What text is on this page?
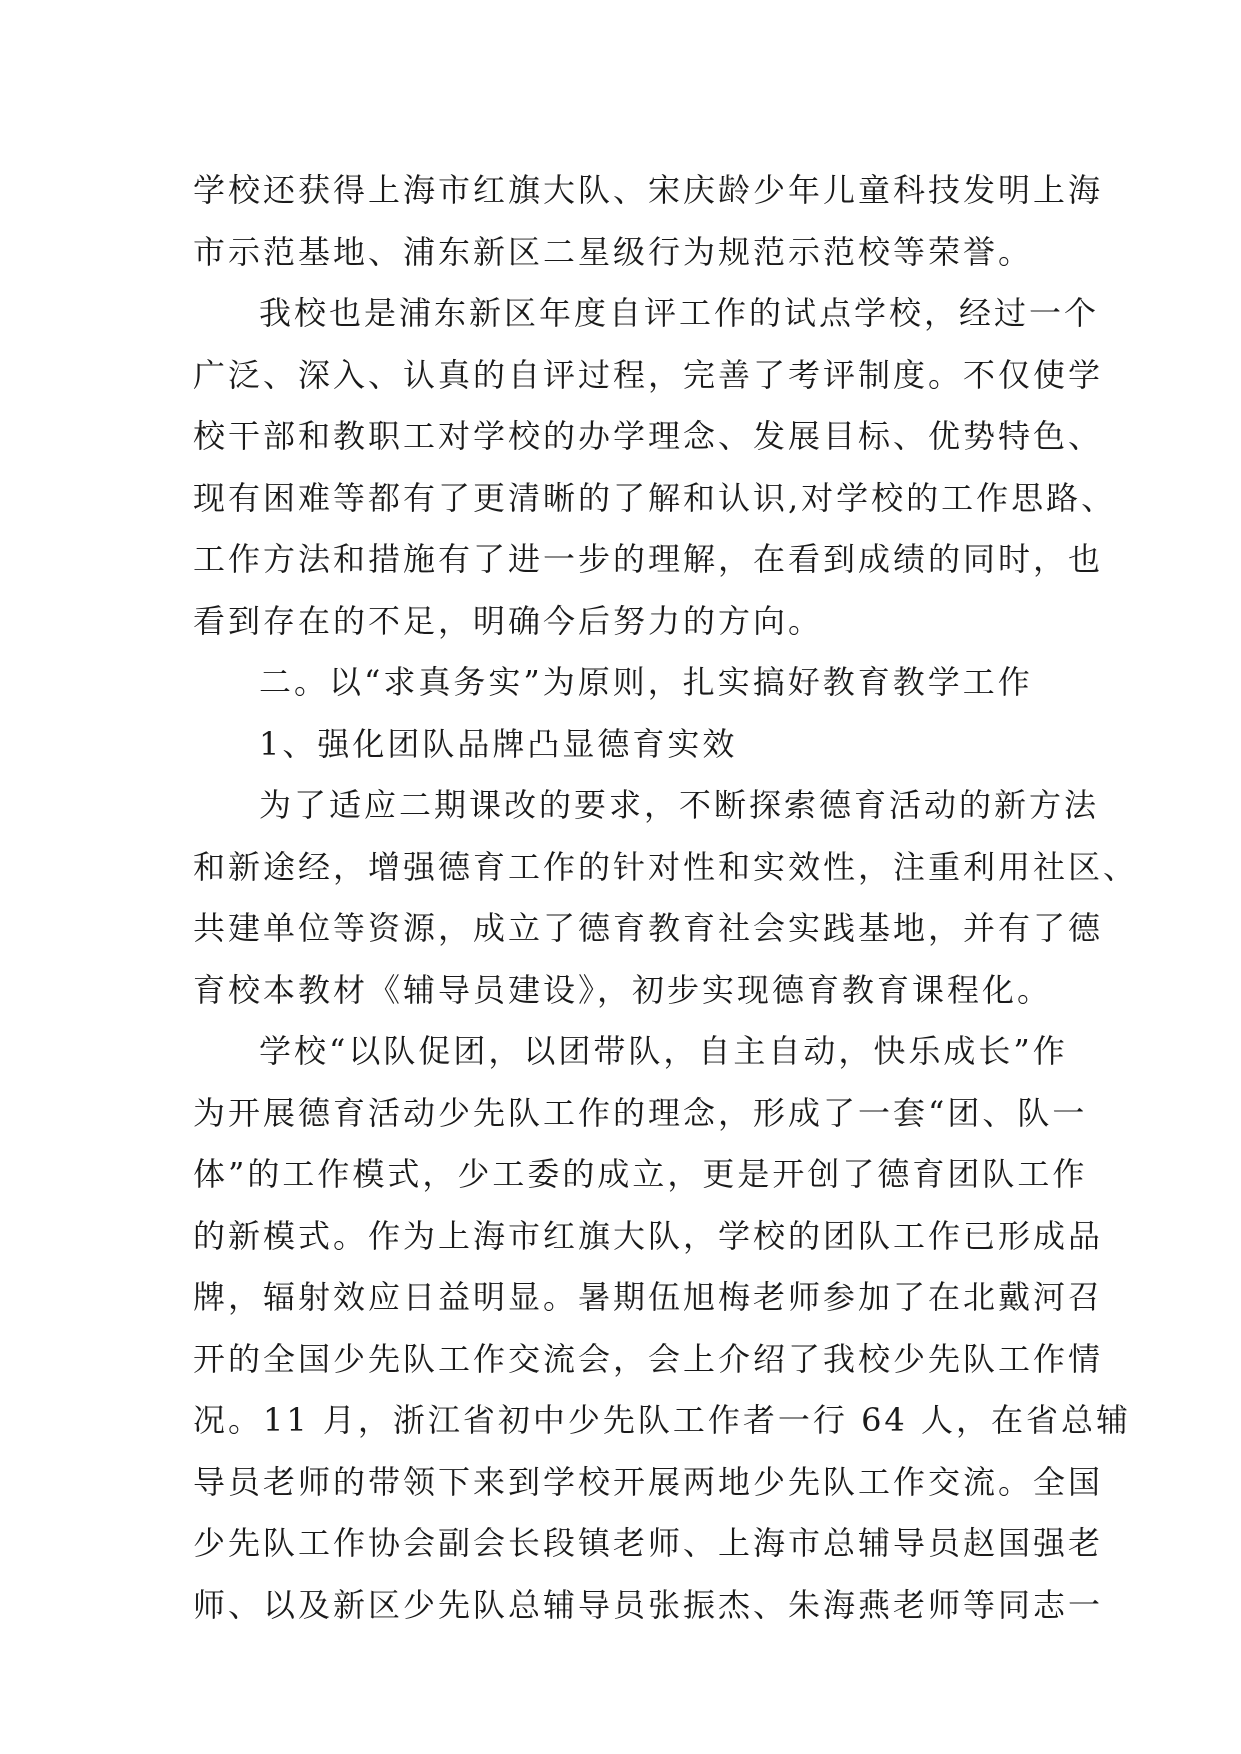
学校还获得上海市红旗大队、宋庆龄少年儿童科技发明上海
市示范基地、浦东新区二星级行为规范示范校等荣誉。
我校也是浦东新区年度自评工作的试点学校，经过一个
广泛、深入、认真的自评过程，完善了考评制度。不仅使学
校干部和教职工对学校的办学理念、发展目标、优势特色、
现有困难等都有了更清晰的了解和认识,对学校的工作思路、
工作方法和措施有了进一步的理解，在看到成绩的同时，也
看到存在的不足，明确今后努力的方向。
二。以“求真务实”为原则，扎实搞好教育教学工作
1、强化团队品牌凸显德育实效
为了适应二期课改的要求，不断探索德育活动的新方法
和新途经，增强德育工作的针对性和实效性，注重利用社区、
共建单位等资源，成立了德育教育社会实践基地，并有了德
育校本教材《辅导员建设》，初步实现德育教育课程化。
学校“以队促团，以团带队，自主自动，快乐成长”作
为开展德育活动少先队工作的理念，形成了一套“团、队一
体”的工作模式，少工委的成立，更是开创了德育团队工作
的新模式。作为上海市红旗大队，学校的团队工作已形成品
牌，辐射效应日益明显。暑期伍旭梅老师参加了在北戴河召
开的全国少先队工作交流会，会上介绍了我校少先队工作情
况。11 月，浙江省初中少先队工作者一行 64 人，在省总辅
导员老师的带领下来到学校开展两地少先队工作交流。全国
少先队工作协会副会长段镇老师、上海市总辅导员赵国强老
师、以及新区少先队总辅导员张振杰、朱海燕老师等同志一
